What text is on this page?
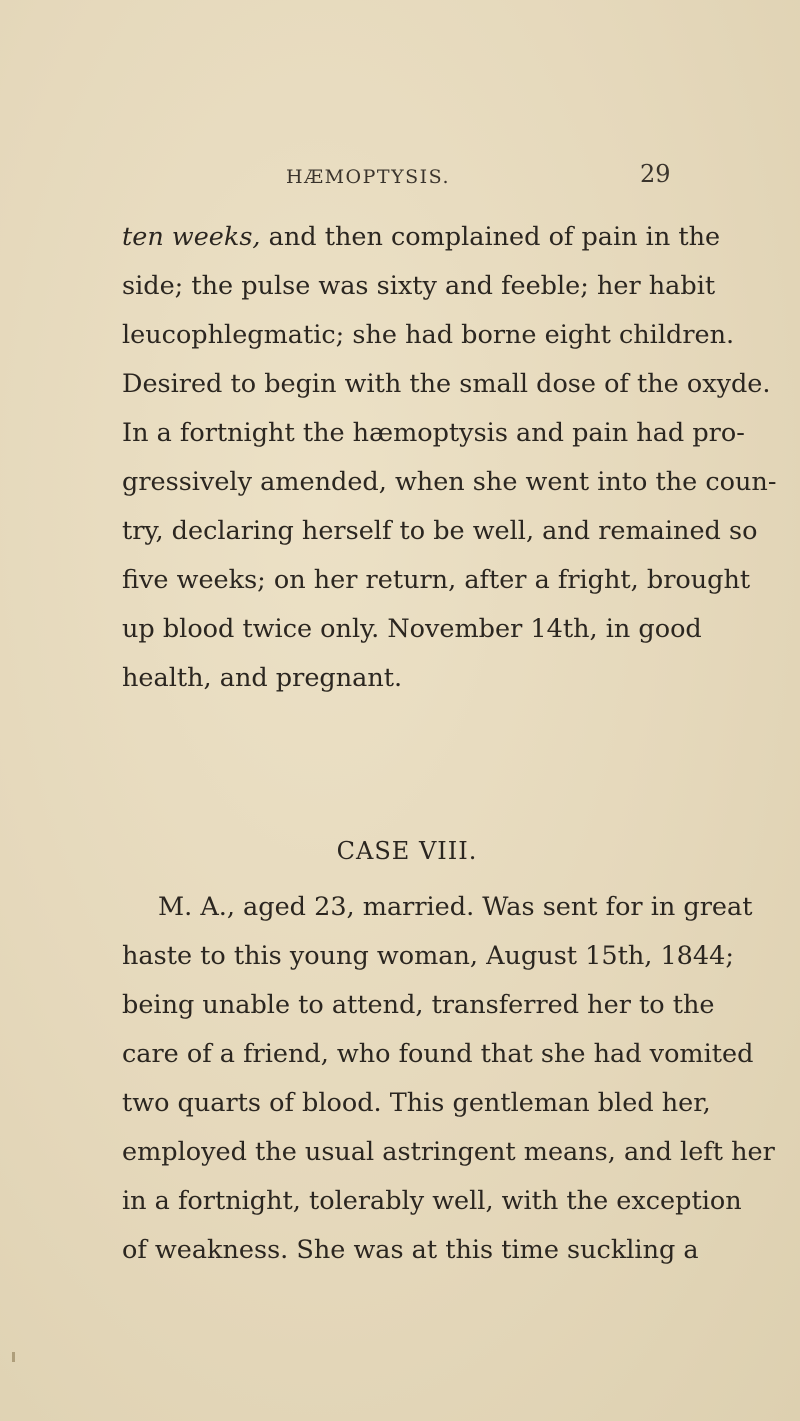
HÆMOPTYSIS.	29
ten weeks, and then complained of pain in the
side; the pulse was sixty and feeble; her habit
leucophlegmatic; she had borne eight children.
Desired to begin with the small dose of the oxyde.
In a fortnight the hæmoptysis and pain had pro-
gressively amended, when she went into the coun-
try, declaring herself to be well, and remained so
five weeks; on her return, after a fright, brought
up blood twice only. November 14th, in good
health, and pregnant.
CASE VIII.
M. A., aged 23, married. Was sent for in great
haste to this young woman, August 15th, 1844;
being unable to attend, transferred her to the
care of a friend, who found that she had vomited
two quarts of blood. This gentleman bled her,
employed the usual astringent means, and left her
in a fortnight, tolerably well, with the exception
of weakness. She was at this time suckling a
